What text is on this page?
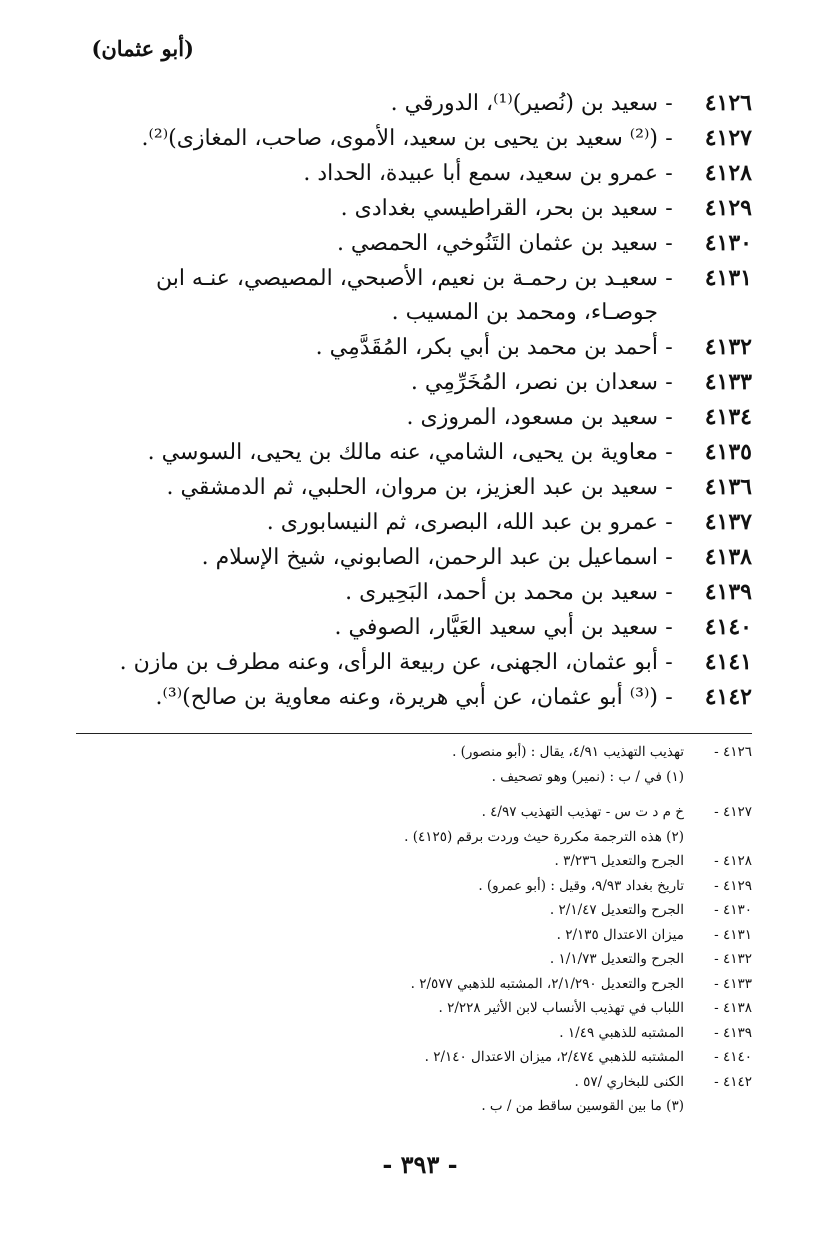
(أبو عثمان)
٤١٢٦
-
سعيد بن (نُصير)⁽¹⁾، الدورقي .
٤١٢٧
-
(⁽²⁾ سعيد بن يحيى بن سعيد، الأموى، صاحب، المغازى)⁽²⁾.
٤١٢٨
-
عمرو بن سعيد، سمع أبا عبيدة، الحداد .
٤١٢٩
-
سعيد بن بحر، القراطيسي بغدادى .
٤١٣٠
-
سعيد بن عثمان التَنُوخي، الحمصي .
٤١٣١
-
سعيـد بن رحمـة بن نعيم، الأصبحي، المصيصي، عنـه ابن جوصـاء، ومحمد بن المسيب .
٤١٣٢
-
أحمد بن محمد بن أبي بكر، المُقَدَّمِي .
٤١٣٣
-
سعدان بن نصر، المُخَرِّمِي .
٤١٣٤
-
سعيد بن مسعود، المروزى .
٤١٣٥
-
معاوية بن يحيى، الشامي، عنه مالك بن يحيى، السوسي .
٤١٣٦
-
سعيد بن عبد العزيز، بن مروان، الحلبي، ثم الدمشقي .
٤١٣٧
-
عمرو بن عبد الله، البصرى، ثم النيسابورى .
٤١٣٨
-
اسماعيل بن عبد الرحمن، الصابوني، شيخ الإسلام .
٤١٣٩
-
سعيد بن محمد بن أحمد، البَحِيرى .
٤١٤٠
-
سعيد بن أبي سعيد العَيَّار، الصوفي .
٤١٤١
-
أبو عثمان، الجهنى، عن ربيعة الرأى، وعنه مطرف بن مازن .
٤١٤٢
-
(⁽³⁾ أبو عثمان، عن أبي هريرة، وعنه معاوية بن صالح)⁽³⁾.
٤١٢٦ -
تهذيب التهذيب ٤/٩١، يقال : (أبو منصور) .
(١) في / ب : (نمير) وهو تصحيف .
٤١٢٧ -
خ م د ت س - تهذيب التهذيب ٤/٩٧ .
(٢) هذه الترجمة مكررة حيث وردت برقم (٤١٢٥) .
٤١٢٨ -
الجرح والتعديل ٣/٢٣٦ .
٤١٢٩ -
تاريخ بغداد ٩/٩٣، وقيل : (أبو عمرو) .
٤١٣٠ -
الجرح والتعديل ٢/١/٤٧ .
٤١٣١ -
ميزان الاعتدال ٢/١٣٥ .
٤١٣٢ -
الجرح والتعديل ١/١/٧٣ .
٤١٣٣ -
الجرح والتعديل ٢/١/٢٩٠، المشتبه للذهبي ٢/٥٧٧ .
٤١٣٨ -
اللباب في تهذيب الأنساب لابن الأثير ٢/٢٢٨ .
٤١٣٩ -
المشتبه للذهبي ١/٤٩ .
٤١٤٠ -
المشتبه للذهبي ٢/٤٧٤، ميزان الاعتدال ٢/١٤٠ .
٤١٤٢ -
الكنى للبخاري /٥٧ .
(٣) ما بين القوسين ساقط من / ب .
- ٣٩٣ -
